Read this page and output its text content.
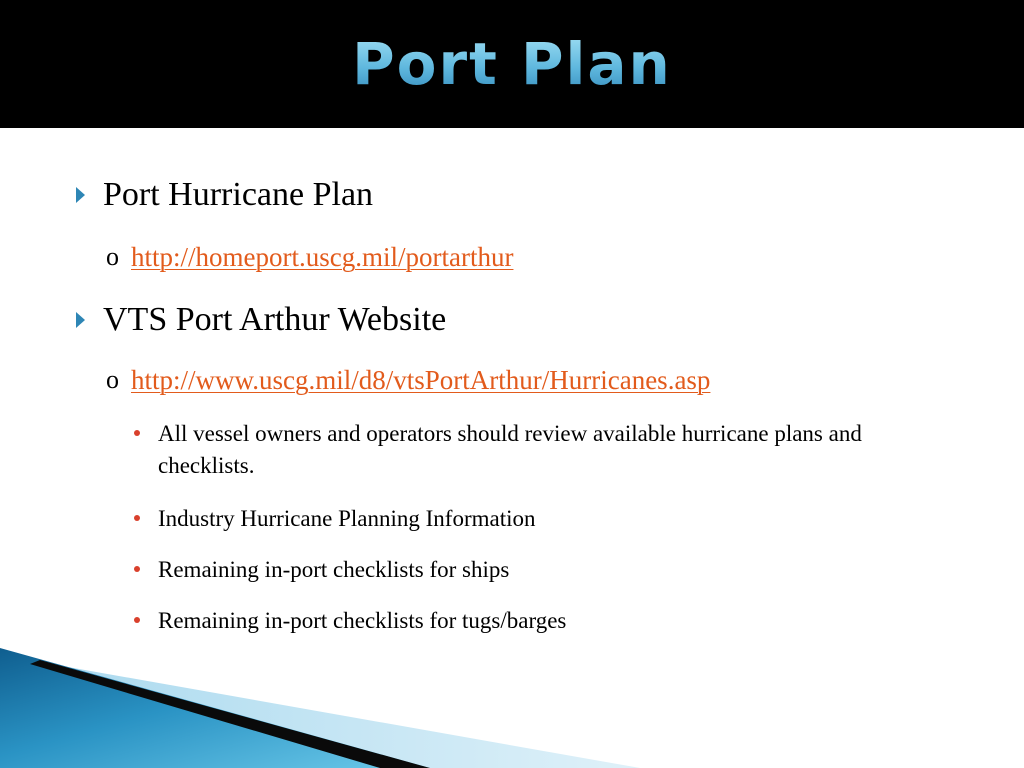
Port Plan
Port Hurricane Plan
o http://homeport.uscg.mil/portarthur
VTS Port Arthur Website
o http://www.uscg.mil/d8/vtsPortArthur/Hurricanes.asp
All vessel owners and operators should review available hurricane plans and checklists.
Industry Hurricane Planning Information
Remaining in-port checklists for ships
Remaining in-port checklists for tugs/barges
